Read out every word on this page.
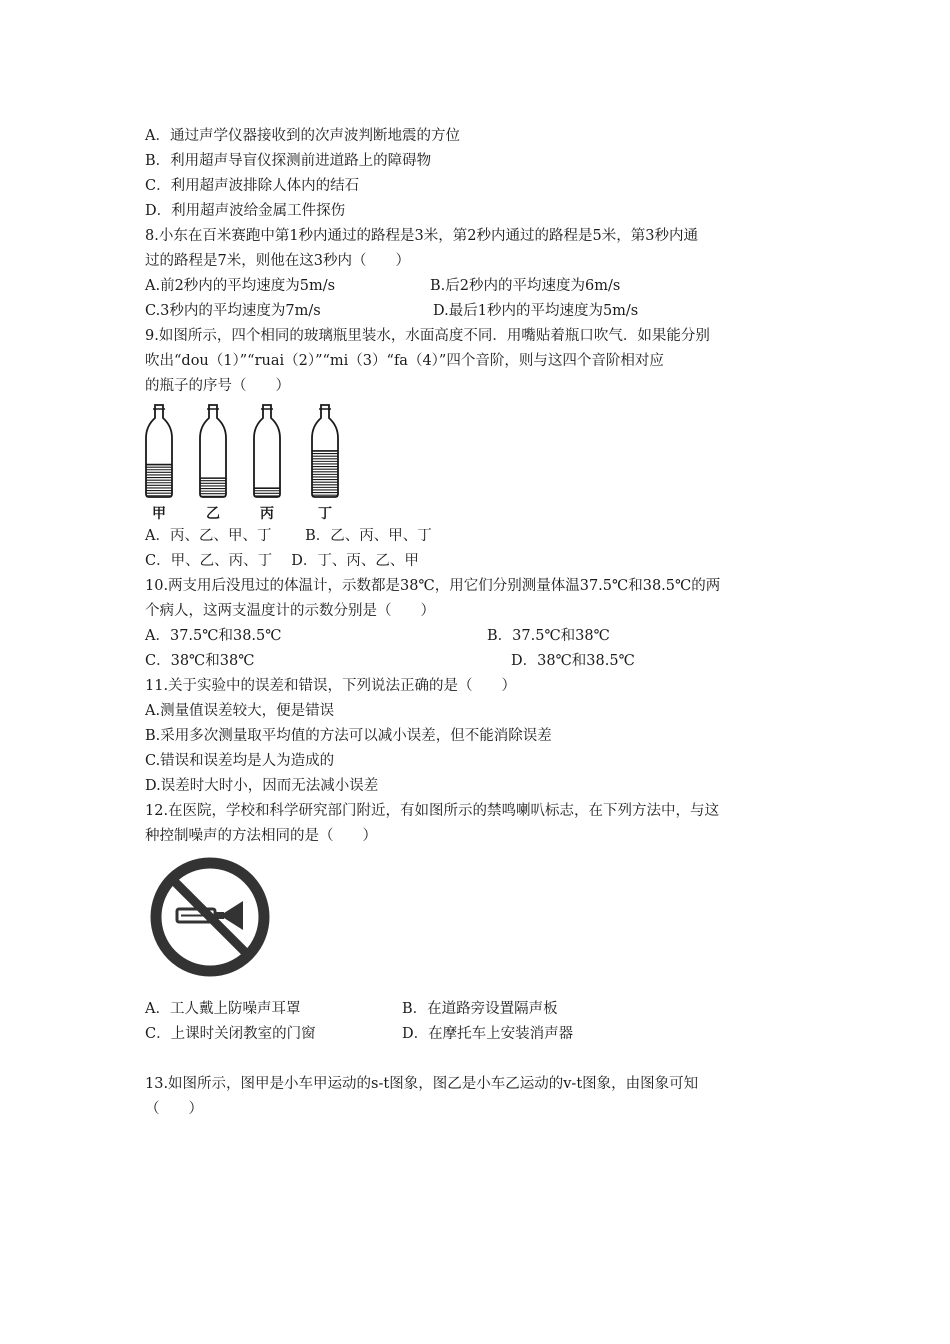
A．通过声学仪器接收到的次声波判断地震的方位
B．利用超声导盲仪探测前进道路上的障碍物
C．利用超声波排除人体内的结石
D．利用超声波给金属工件探伤
8.小东在百米赛跑中第1秒内通过的路程是3米，第2秒内通过的路程是5米，第3秒内通
过的路程是7米，则他在这3秒内（　　）
A.前2秒内的平均速度为5m/s	B.后2秒内的平均速度为6m/s
C.3秒内的平均速度为7m/s	D.最后1秒内的平均速度为5m/s
9.如图所示，四个相同的玻璃瓶里装水，水面高度不同．用嘴贴着瓶口吹气．如果能分别
吹出“dou（1）”“ruai（2）”“mi（3）“fa（4）”四个音阶，则与这四个音阶相对应
的瓶子的序号（　　）
甲	乙	丙	丁
A．丙、乙、甲、丁　　 B．乙、丙、甲、丁
C．甲、乙、丙、丁　 D．丁、丙、乙、甲
10.两支用后没甩过的体温计，示数都是38℃，用它们分别测量体温37.5℃和38.5℃的两
个病人，这两支温度计的示数分别是（　　）
A．37.5℃和38.5℃	B．37.5℃和38℃
C．38℃和38℃	D．38℃和38.5℃
11.关于实验中的误差和错误，下列说法正确的是（　　）
A.测量值误差较大，便是错误
B.采用多次测量取平均值的方法可以减小误差，但不能消除误差
C.错误和误差均是人为造成的
D.误差时大时小，因而无法减小误差
12.在医院，学校和科学研究部门附近，有如图所示的禁鸣喇叭标志，在下列方法中，与这
种控制噪声的方法相同的是（　　）
A．工人戴上防噪声耳罩	B．在道路旁设置隔声板
C．上课时关闭教室的门窗	D．在摩托车上安装消声器
13.如图所示，图甲是小车甲运动的s-t图象，图乙是小车乙运动的v-t图象，由图象可知
（　　）
